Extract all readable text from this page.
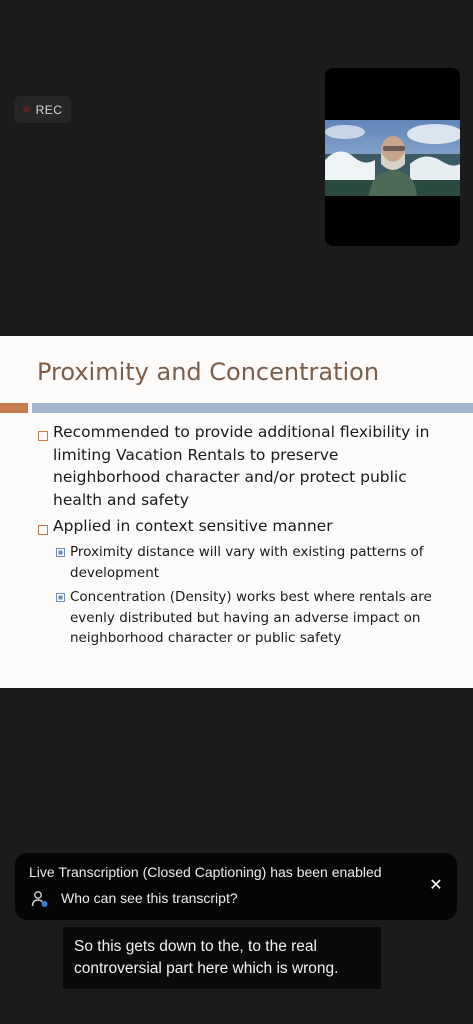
REC
Proximity and Concentration
Recommended to provide additional flexibility in
limiting Vacation Rentals to preserve
neighborhood character and/or protect public
health and safety
Applied in context sensitive manner
Proximity distance will vary with existing patterns of
development
Concentration (Density) works best where rentals are
evenly distributed but having an adverse impact on
neighborhood character or public safety
Live Transcription (Closed Captioning) has been enabled
Who can see this transcript?
✕
So this gets down to the, to the real
controversial part here which is wrong.
